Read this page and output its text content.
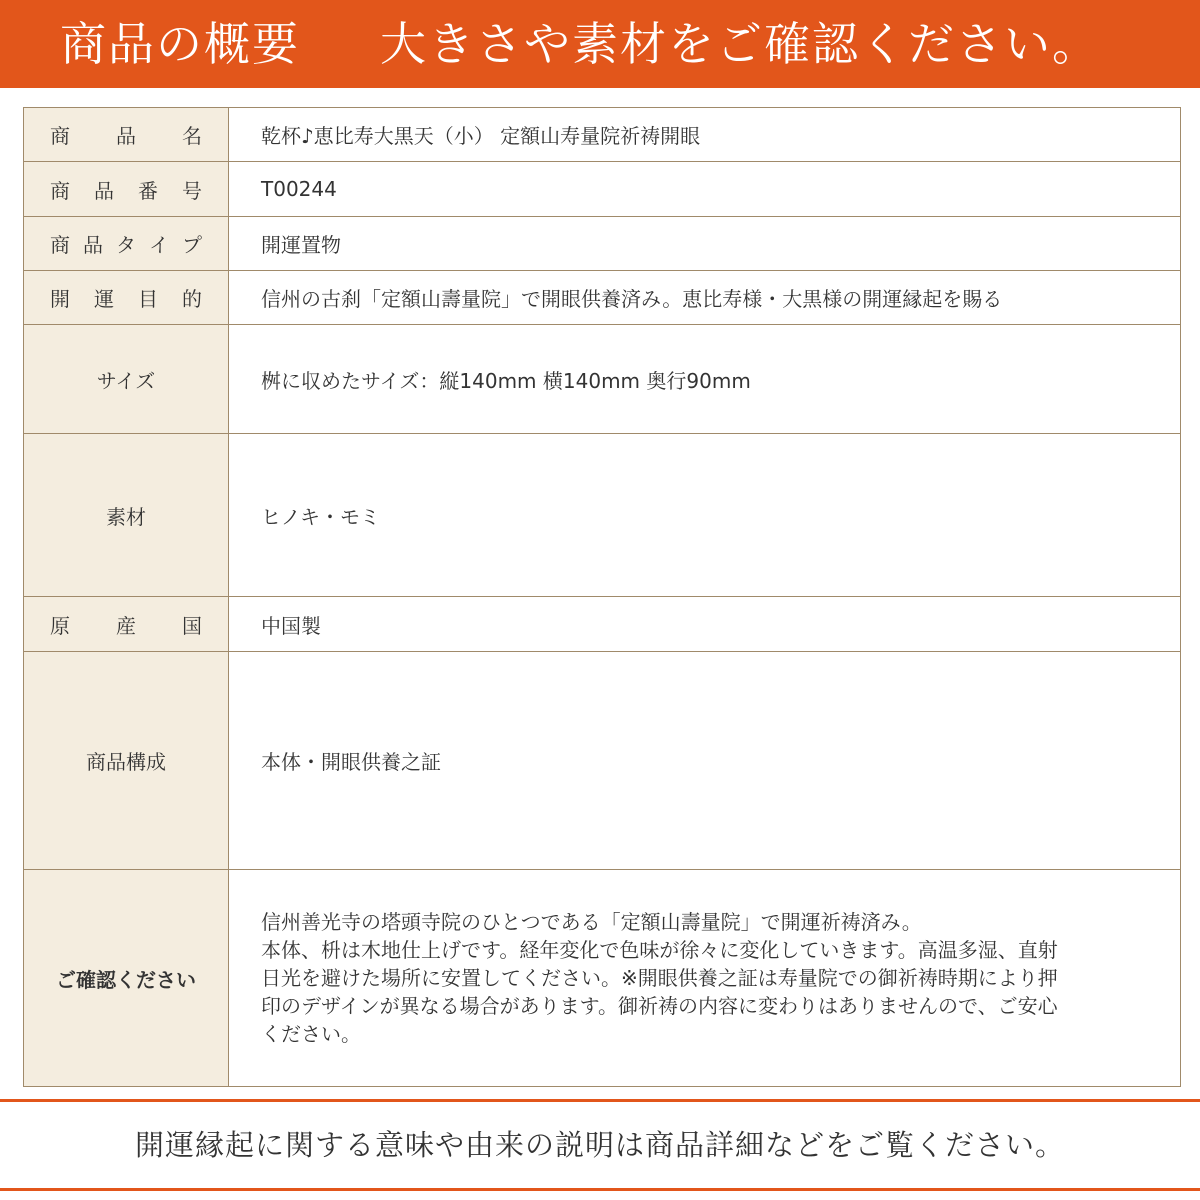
商品の概要 大きさや素材をご確認ください。
商 品 名	乾杯♪恵比寿大黒天（小） 定額山寿量院祈祷開眼

商 品 番 号	T00244

商 品 タ イ プ	開運置物

開 運 目 的	信州の古刹「定額山壽量院」で開眼供養済み。恵比寿様・大黒様の開運縁起を賜る
サイズ	桝に収めたサイズ：縦140mm 横140mm 奥行90mm
素材	ヒノキ・モミ

原 産 国	中国製
商品構成	本体・開眼供養之証
ご確認ください	信州善光寺の塔頭寺院のひとつである「定額山壽量院」で開運祈祷済み。
本体、枡は木地仕上げです。経年変化で色味が徐々に変化していきます。高温多湿、直射
日光を避けた場所に安置してください。※開眼供養之証は寿量院での御祈祷時期により押
印のデザインが異なる場合があります。御祈祷の内容に変わりはありませんので、ご安心
ください。
開運縁起に関する意味や由来の説明は商品詳細などをご覧ください。
